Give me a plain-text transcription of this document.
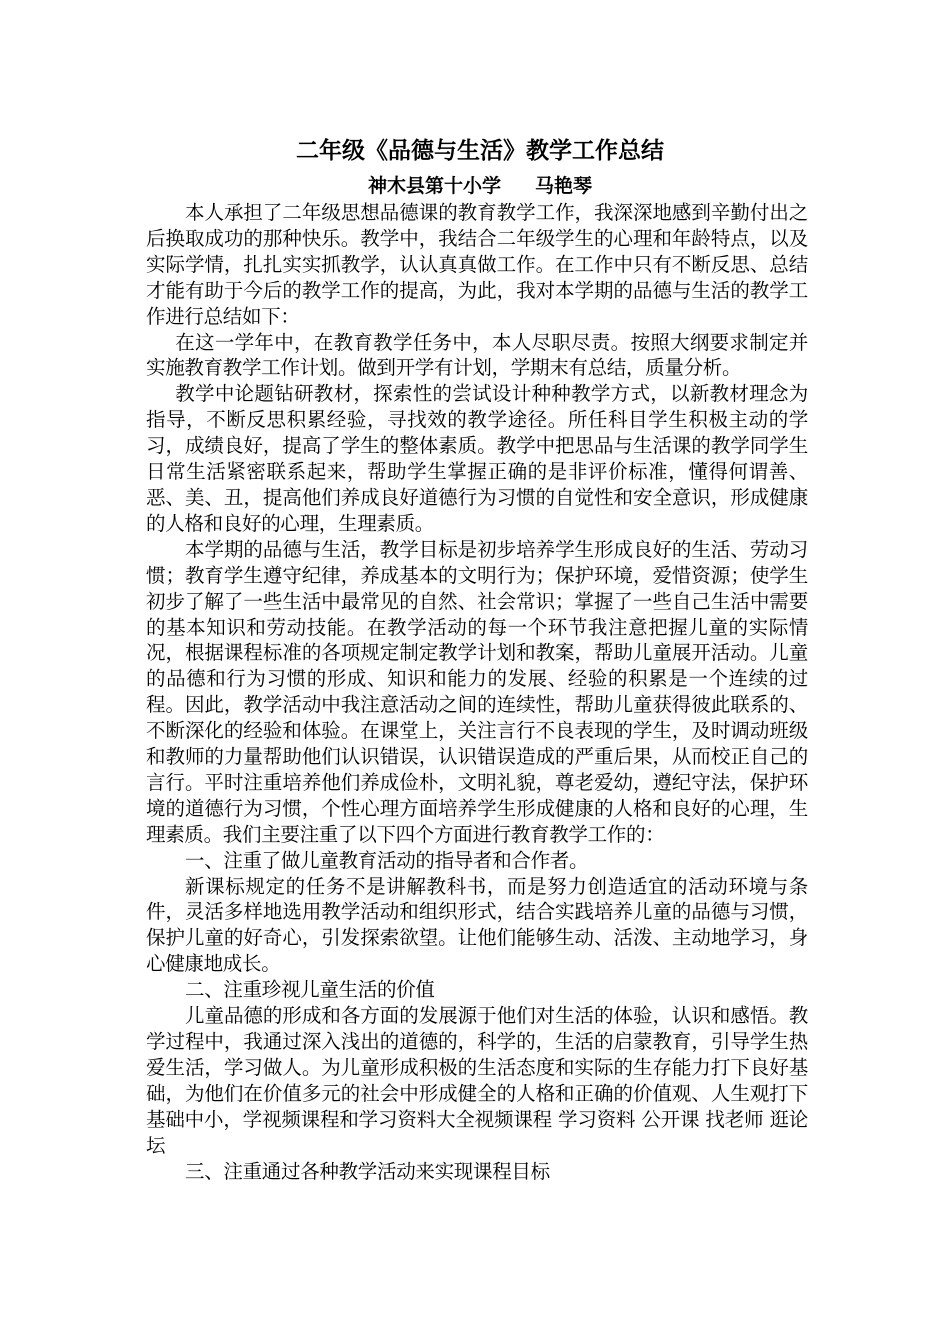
二年级《品德与生活》教学工作总结
神木县第十小学 马艳琴

本人承担了二年级思想品德课的教育教学工作，我深深地感到辛勤付出之后换取成功的那种快乐。教学中，我结合二年级学生的心理和年龄特点，以及实际学情，扎扎实实抓教学，认认真真做工作。在工作中只有不断反思、总结才能有助于今后的教学工作的提高，为此，我对本学期的品德与生活的教学工作进行总结如下：

在这一学年中，在教育教学任务中，本人尽职尽责。按照大纲要求制定并实施教育教学工作计划。做到开学有计划，学期末有总结，质量分析。

教学中论题钻研教材，探索性的尝试设计种种教学方式，以新教材理念为指导，不断反思积累经验，寻找效的教学途径。所任科目学生积极主动的学习，成绩良好，提高了学生的整体素质。教学中把思品与生活课的教学同学生日常生活紧密联系起来，帮助学生掌握正确的是非评价标准，懂得何谓善、恶、美、丑，提高他们养成良好道德行为习惯的自觉性和安全意识，形成健康的人格和良好的心理，生理素质。

本学期的品德与生活，教学目标是初步培养学生形成良好的生活、劳动习惯；教育学生遵守纪律，养成基本的文明行为；保护环境，爱惜资源；使学生初步了解了一些生活中最常见的自然、社会常识；掌握了一些自己生活中需要的基本知识和劳动技能。在教学活动的每一个环节我注意把握儿童的实际情况，根据课程标准的各项规定制定教学计划和教案，帮助儿童展开活动。儿童的品德和行为习惯的形成、知识和能力的发展、经验的积累是一个连续的过程。因此，教学活动中我注意活动之间的连续性，帮助儿童获得彼此联系的、不断深化的经验和体验。在课堂上，关注言行不良表现的学生，及时调动班级和教师的力量帮助他们认识错误，认识错误造成的严重后果，从而校正自己的言行。平时注重培养他们养成俭朴，文明礼貌，尊老爱幼，遵纪守法，保护环境的道德行为习惯，个性心理方面培养学生形成健康的人格和良好的心理，生理素质。我们主要注重了以下四个方面进行教育教学工作的：

一、注重了做儿童教育活动的指导者和合作者。

新课标规定的任务不是讲解教科书，而是努力创造适宜的活动环境与条件，灵活多样地选用教学活动和组织形式，结合实践培养儿童的品德与习惯，保护儿童的好奇心，引发探索欲望。让他们能够生动、活泼、主动地学习，身心健康地成长。

二、注重珍视儿童生活的价值

儿童品德的形成和各方面的发展源于他们对生活的体验，认识和感悟。教学过程中，我通过深入浅出的道德的，科学的，生活的启蒙教育，引导学生热爱生活，学习做人。为儿童形成积极的生活态度和实际的生存能力打下良好基础，为他们在价值多元的社会中形成健全的人格和正确的价值观、人生观打下基础中小，学视频课程和学习资料大全视频课程 学习资料 公开课 找老师 逛论坛

三、注重通过各种教学活动来实现课程目标
